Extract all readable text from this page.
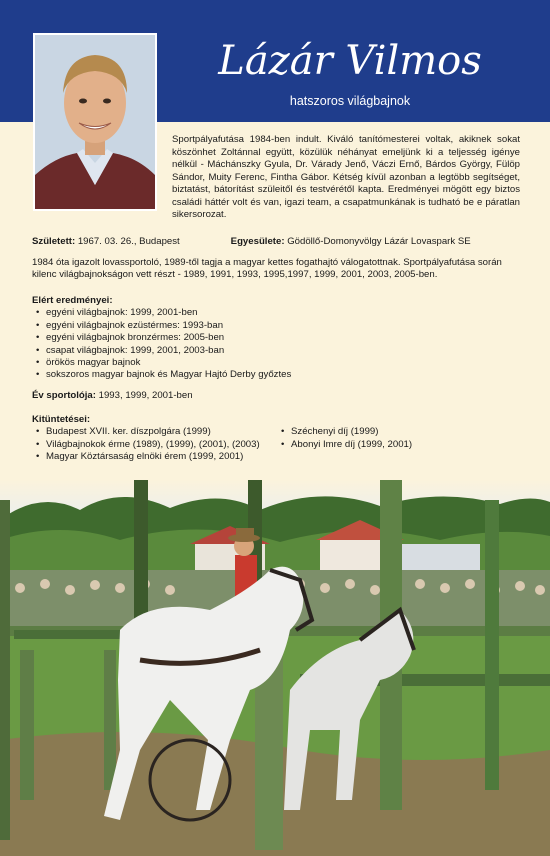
Lázár Vilmos
hatszoros világbajnok
Sportpályafutása 1984-ben indult. Kiváló tanítómesterei voltak, akiknek sokat köszönhet Zoltánnal együtt, közülük néhányat emeljünk ki a teljesség igénye nélkül - Máchánszky Gyula, Dr. Várady Jenő, Váczi Ernő, Bárdos György, Fülöp Sándor, Muity Ferenc, Fintha Gábor. Kétség kívül azonban a legtöbb segítséget, biztatást, bátorítást szüleitől és testvérétől kapta. Eredményei mögött egy biztos családi háttér volt és van, igazi team, a csapatmunkának is tudható be e páratlan sikersorozat.
Született: 1967. 03. 26., Budapest	Egyesülete: Gödöllő-Domonyvölgy Lázár Lovaspark SE
1984 óta igazolt lovassportoló, 1989-től tagja a magyar kettes fogathajtó válogatottnak. Sportpályafutása során kilenc világbajnokságon vett részt - 1989, 1991, 1993, 1995,1997, 1999, 2001, 2003, 2005-ben.
Elért eredményei:
• egyéni világbajnok: 1999, 2001-ben
• egyéni világbajnok ezüstérmes: 1993-ban
• egyéni világbajnok bronzérmes: 2005-ben
• csapat világbajnok: 1999, 2001, 2003-ban
• örökös magyar bajnok
• sokszoros magyar bajnok és Magyar Hajtó Derby győztes
Év sportolója: 1993, 1999, 2001-ben
Kitüntetései:
• Budapest XVII. ker. díszpolgára (1999)
• Világbajnokok érme (1989), (1999), (2001), (2003)
• Magyar Köztársaság elnöki érem (1999, 2001)
• Széchenyi díj (1999)
• Abonyi Imre díj (1999, 2001)
